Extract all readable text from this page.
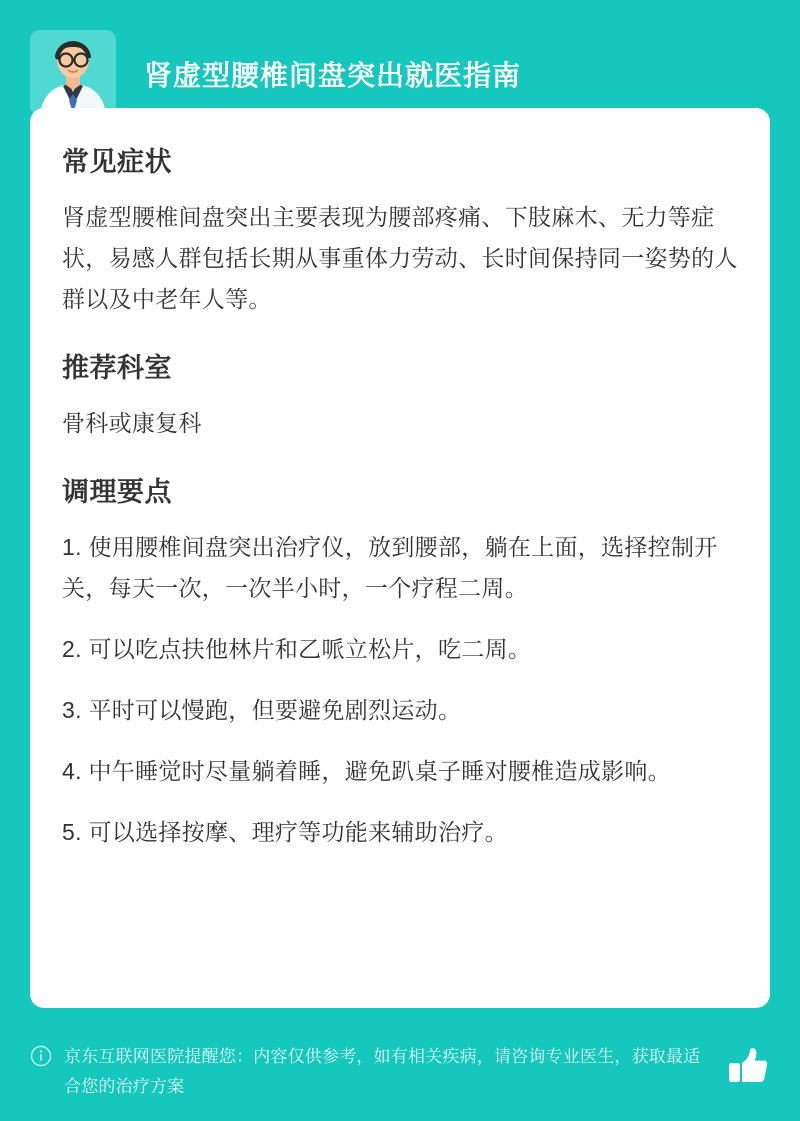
肾虚型腰椎间盘突出就医指南
常见症状

肾虚型腰椎间盘突出主要表现为腰部疼痛、下肢麻木、无力等症状，易感人群包括长期从事重体力劳动、长时间保持同一姿势的人群以及中老年人等。

推荐科室

骨科或康复科

调理要点

1. 使用腰椎间盘突出治疗仪，放到腰部，躺在上面，选择控制开关，每天一次，一次半小时，一个疗程二周。

2. 可以吃点扶他林片和乙哌立松片，吃二周。

3. 平时可以慢跑，但要避免剧烈运动。

4. 中午睡觉时尽量躺着睡，避免趴桌子睡对腰椎造成影响。

5. 可以选择按摩、理疗等功能来辅助治疗。

京东互联网医院提醒您：内容仅供参考，如有相关疾病，请咨询专业医生，获取最适合您的治疗方案
